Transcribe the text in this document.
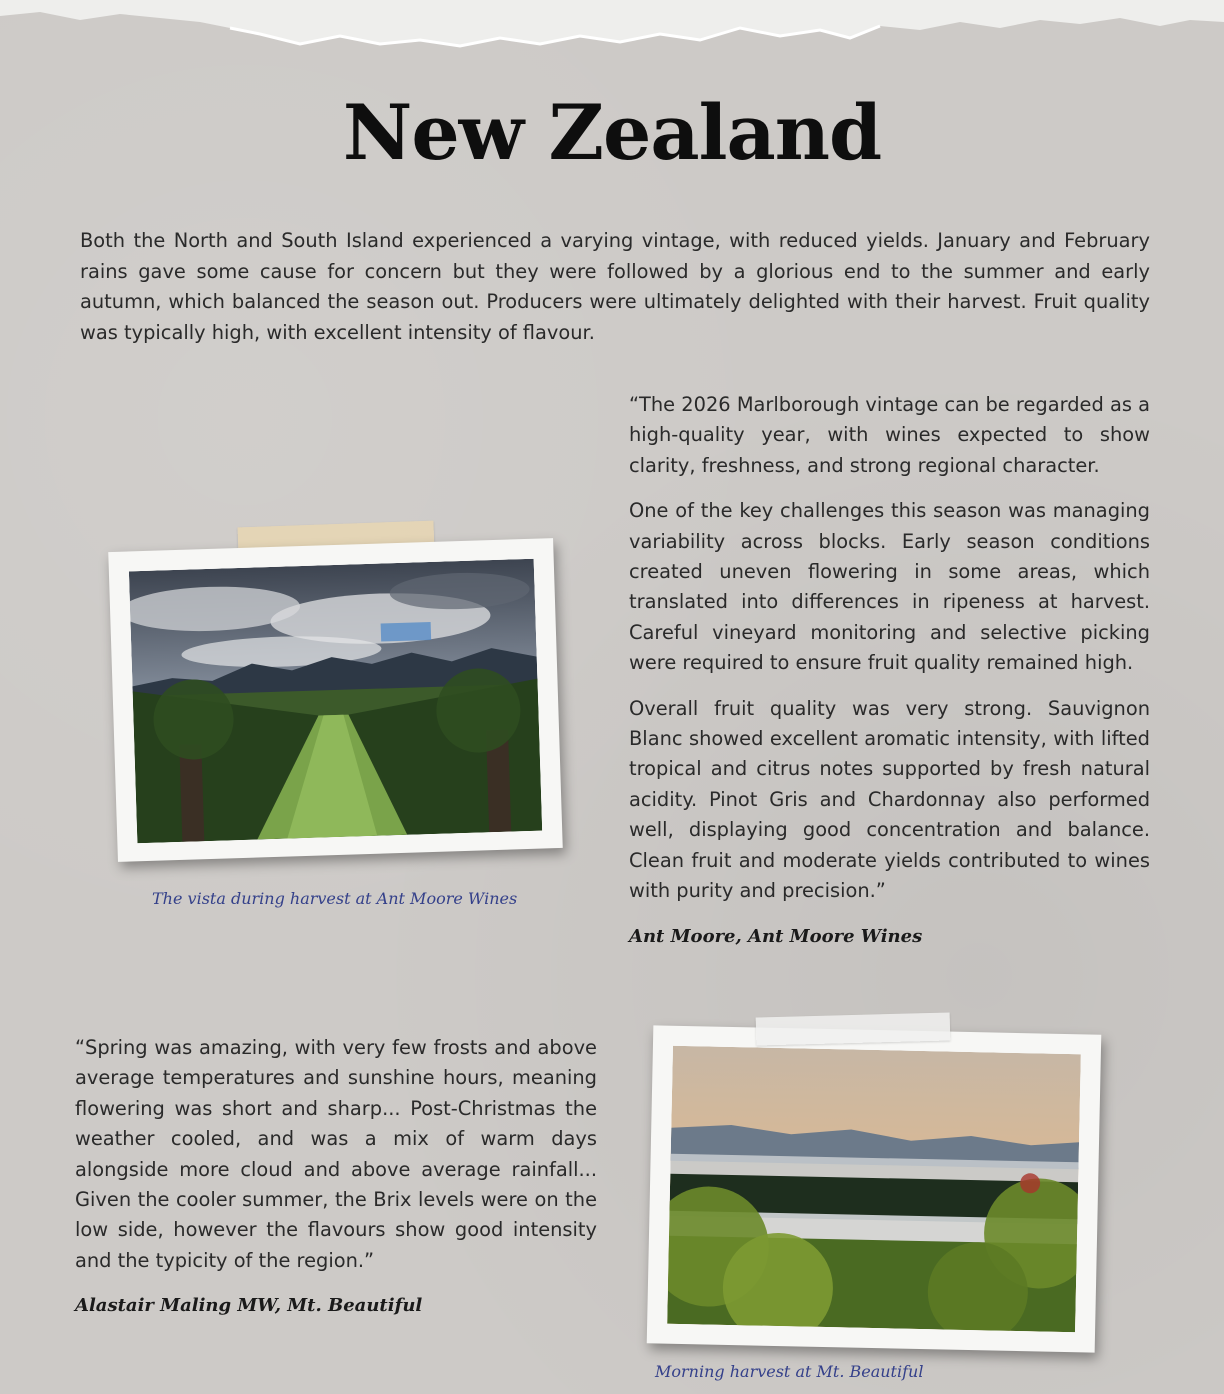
New Zealand

Both the North and South Island experienced a varying vintage, with reduced yields. January and February rains gave some cause for concern but they were followed by a glorious end to the summer and early autumn, which balanced the season out. Producers were ultimately delighted with their harvest. Fruit quality was typically high, with excellent intensity of flavour.

The vista during harvest at Ant Moore Wines

“The 2026 Marlborough vintage can be regarded as a high-quality year, with wines expected to show clarity, freshness, and strong regional character.

One of the key challenges this season was managing variability across blocks. Early season conditions created uneven flowering in some areas, which translated into differences in ripeness at harvest. Careful vineyard monitoring and selective picking were required to ensure fruit quality remained high.

Overall fruit quality was very strong. Sauvignon Blanc showed excellent aromatic intensity, with lifted tropical and citrus notes supported by fresh natural acidity. Pinot Gris and Chardonnay also performed well, displaying good concentration and balance. Clean fruit and moderate yields contributed to wines with purity and precision.”

Ant Moore, Ant Moore Wines

“Spring was amazing, with very few frosts and above average temperatures and sunshine hours, meaning flowering was short and sharp... Post-Christmas the weather cooled, and was a mix of warm days alongside more cloud and above average rainfall... Given the cooler summer, the Brix levels were on the low side, however the flavours show good intensity and the typicity of the region.”

Alastair Maling MW, Mt. Beautiful
Morning harvest at Mt. Beautiful
